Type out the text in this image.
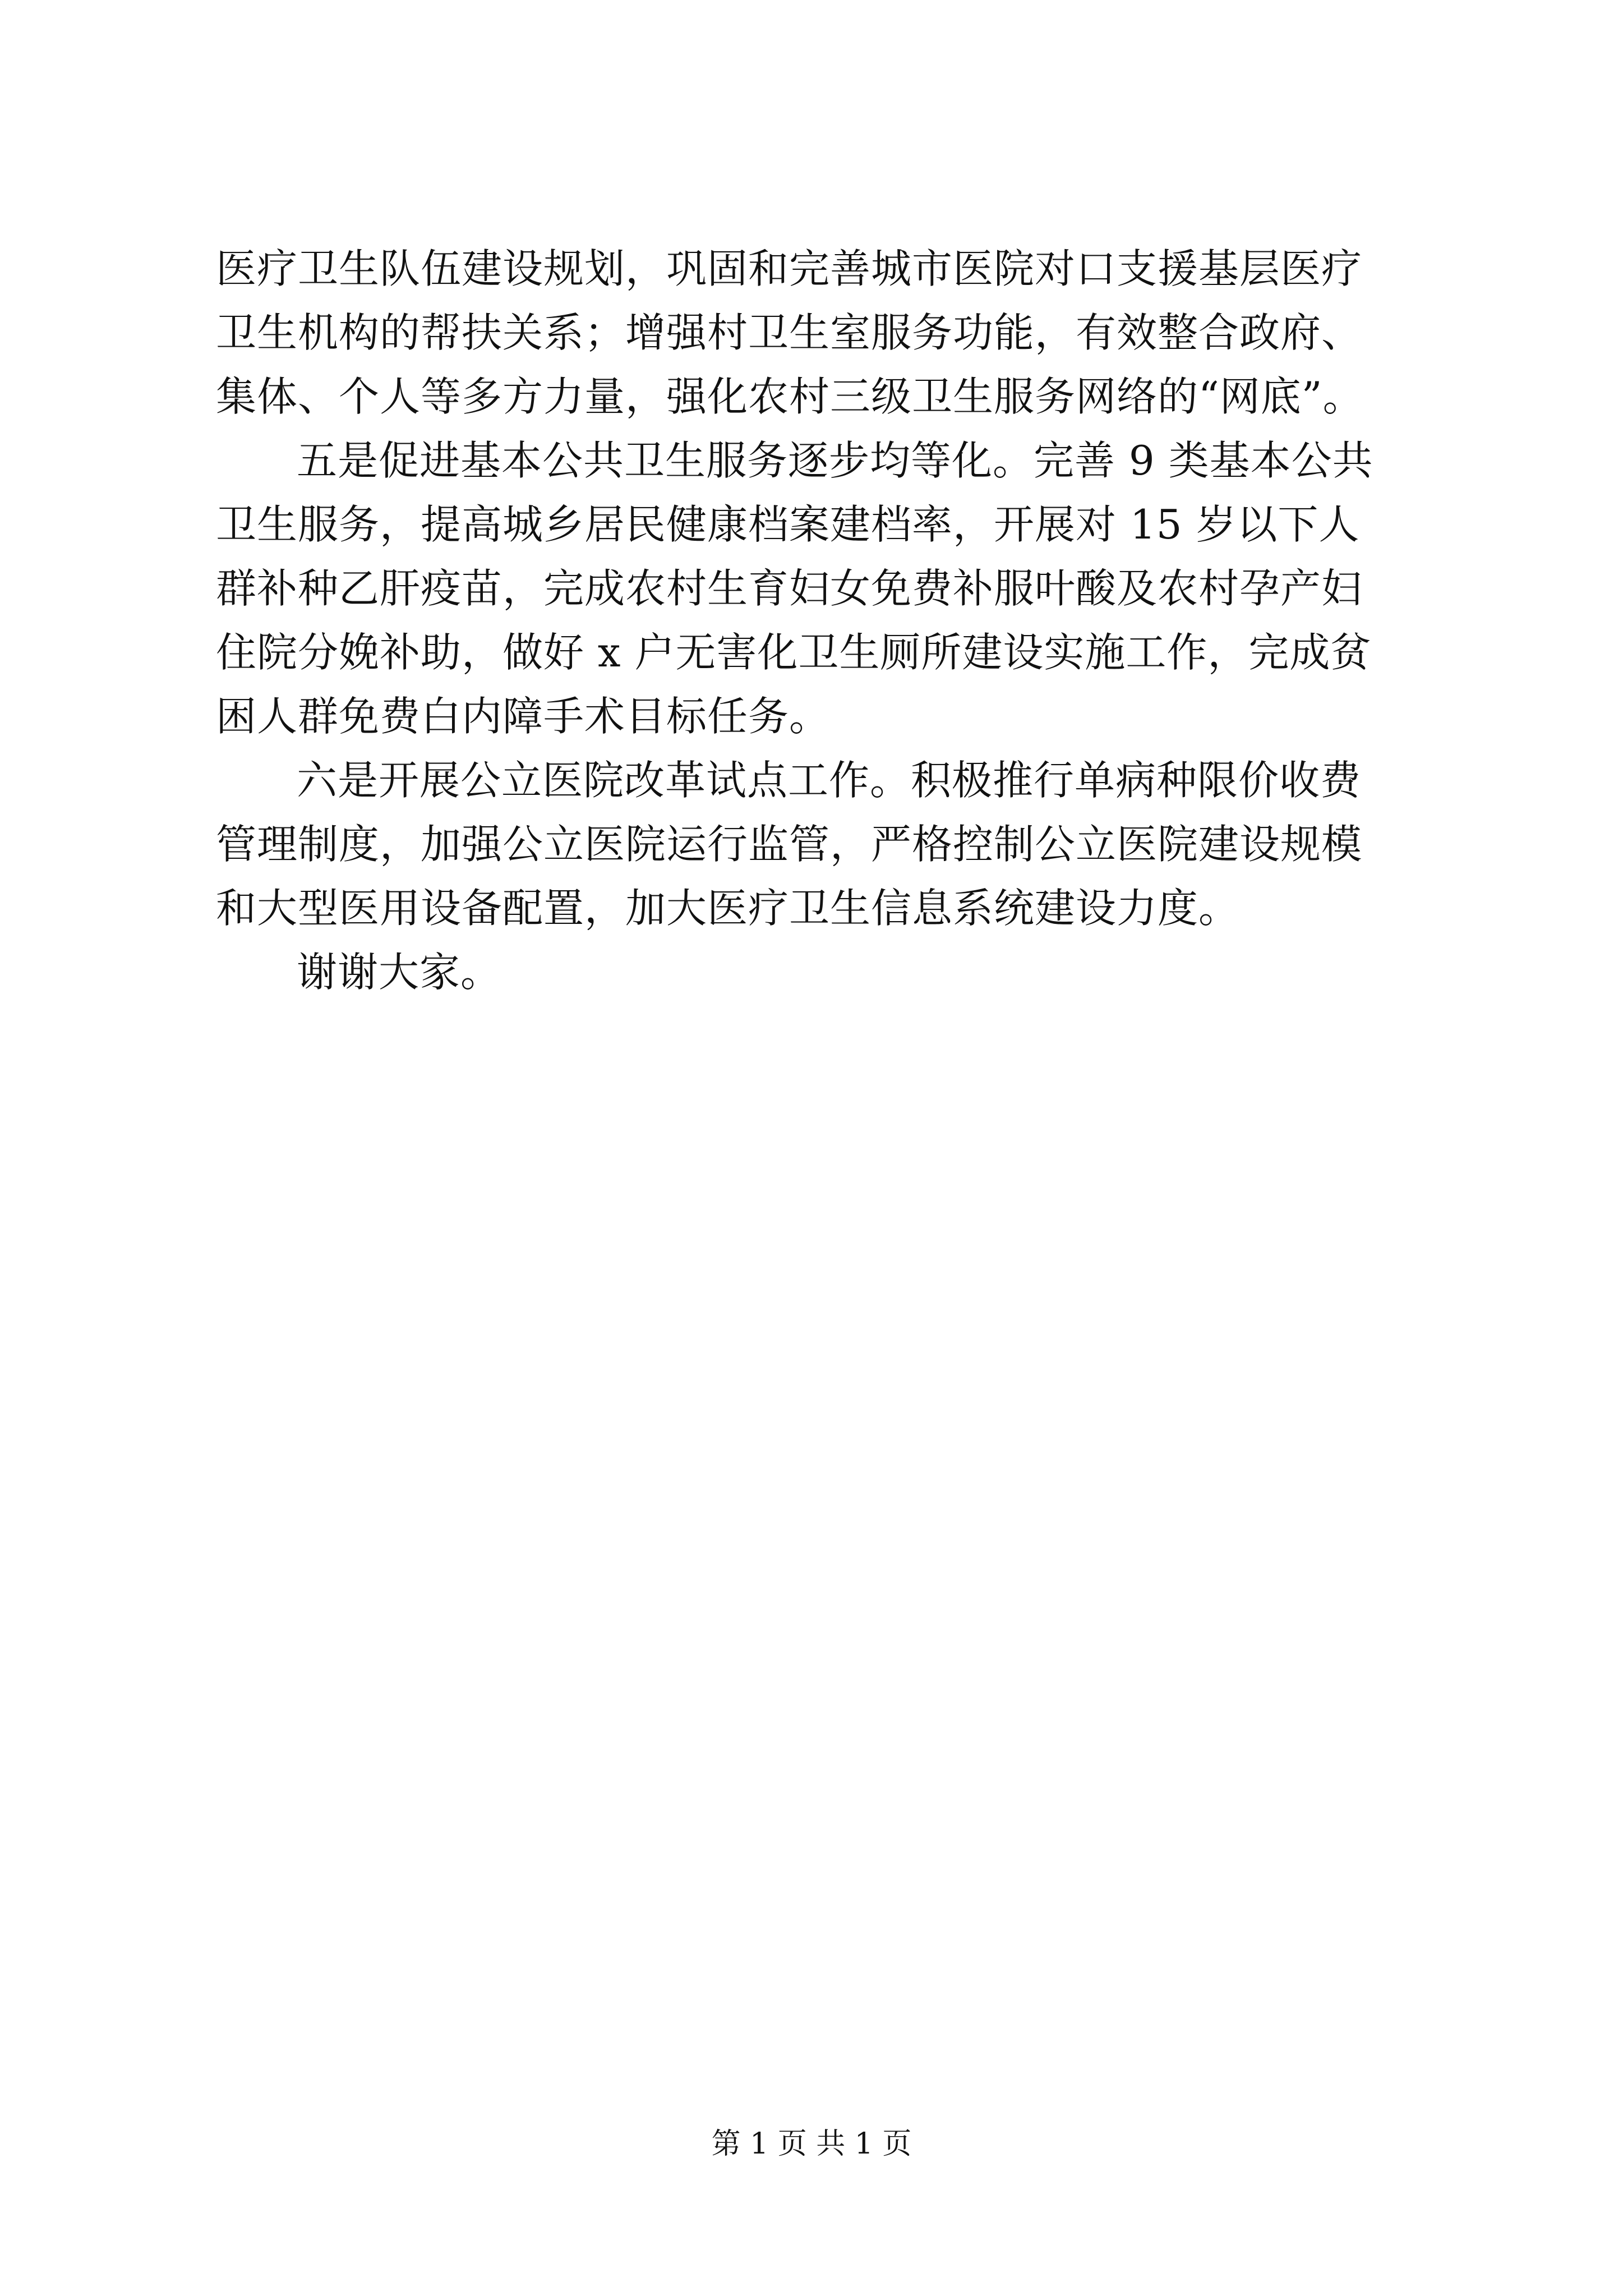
医疗卫生队伍建设规划，巩固和完善城市医院对口支援基层医疗
卫生机构的帮扶关系；增强村卫生室服务功能，有效整合政府、
集体、个人等多方力量，强化农村三级卫生服务网络的“网底”。
五是促进基本公共卫生服务逐步均等化。完善 9 类基本公共
卫生服务，提高城乡居民健康档案建档率，开展对 15 岁以下人
群补种乙肝疫苗，完成农村生育妇女免费补服叶酸及农村孕产妇
住院分娩补助，做好 x 户无害化卫生厕所建设实施工作，完成贫
困人群免费白内障手术目标任务。
六是开展公立医院改革试点工作。积极推行单病种限价收费
管理制度，加强公立医院运行监管，严格控制公立医院建设规模
和大型医用设备配置，加大医疗卫生信息系统建设力度。
谢谢大家。
第 1 页 共 1 页
